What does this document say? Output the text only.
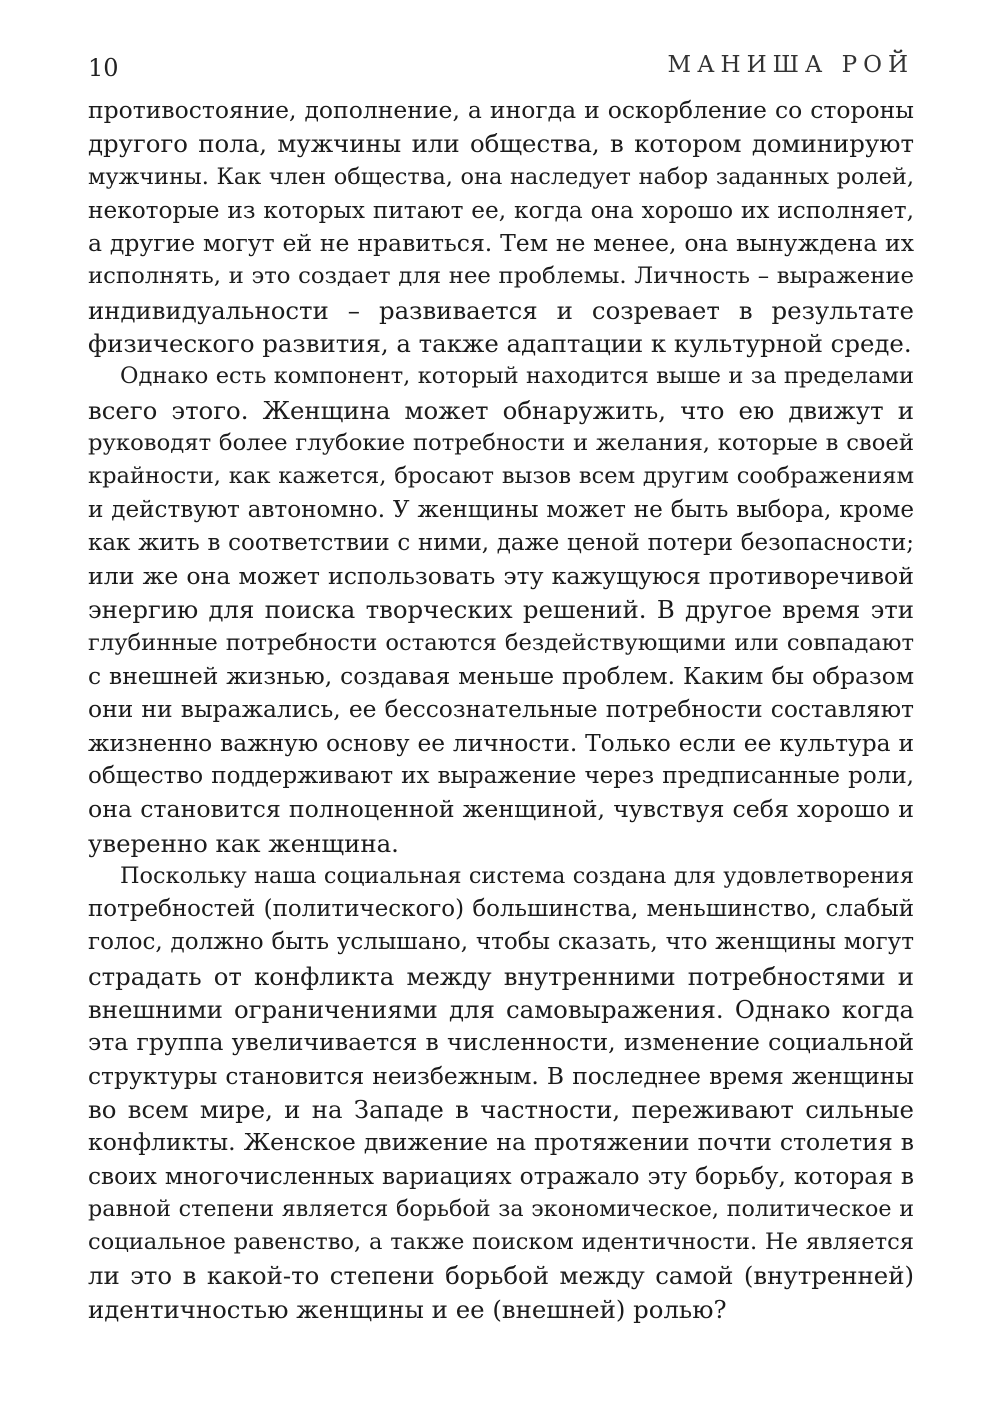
10	МАНИША РОЙ

противостояние, дополнение, а иногда и оскорбление со стороны
другого пола, мужчины или общества, в котором доминируют
мужчины. Как член общества, она наследует набор заданных ролей,
некоторые из которых питают ее, когда она хорошо их исполняет,
а другие могут ей не нравиться. Тем не менее, она вынуждена их
исполнять, и это создает для нее проблемы. Личность – выражение
индивидуальности – развивается и созревает в результате
физического развития, а также адаптации к культурной среде.

Однако есть компонент, который находится выше и за пределами
всего этого. Женщина может обнаружить, что ею движут и
руководят более глубокие потребности и желания, которые в своей
крайности, как кажется, бросают вызов всем другим соображениям
и действуют автономно. У женщины может не быть выбора, кроме
как жить в соответствии с ними, даже ценой потери безопасности;
или же она может использовать эту кажущуюся противоречивой
энергию для поиска творческих решений. В другое время эти
глубинные потребности остаются бездействующими или совпадают
с внешней жизнью, создавая меньше проблем. Каким бы образом
они ни выражались, ее бессознательные потребности составляют
жизненно важную основу ее личности. Только если ее культура и
общество поддерживают их выражение через предписанные роли,
она становится полноценной женщиной, чувствуя себя хорошо и
уверенно как женщина.

Поскольку наша социальная система создана для удовлетворения
потребностей (политического) большинства, меньшинство, слабый
голос, должно быть услышано, чтобы сказать, что женщины могут
страдать от конфликта между внутренними потребностями и
внешними ограничениями для самовыражения. Однако когда
эта группа увеличивается в численности, изменение социальной
структуры становится неизбежным. В последнее время женщины
во всем мире, и на Западе в частности, переживают сильные
конфликты. Женское движение на протяжении почти столетия в
своих многочисленных вариациях отражало эту борьбу, которая в
равной степени является борьбой за экономическое, политическое и
социальное равенство, а также поиском идентичности. Не является
ли это в какой-то степени борьбой между самой (внутренней)
идентичностью женщины и ее (внешней) ролью?
